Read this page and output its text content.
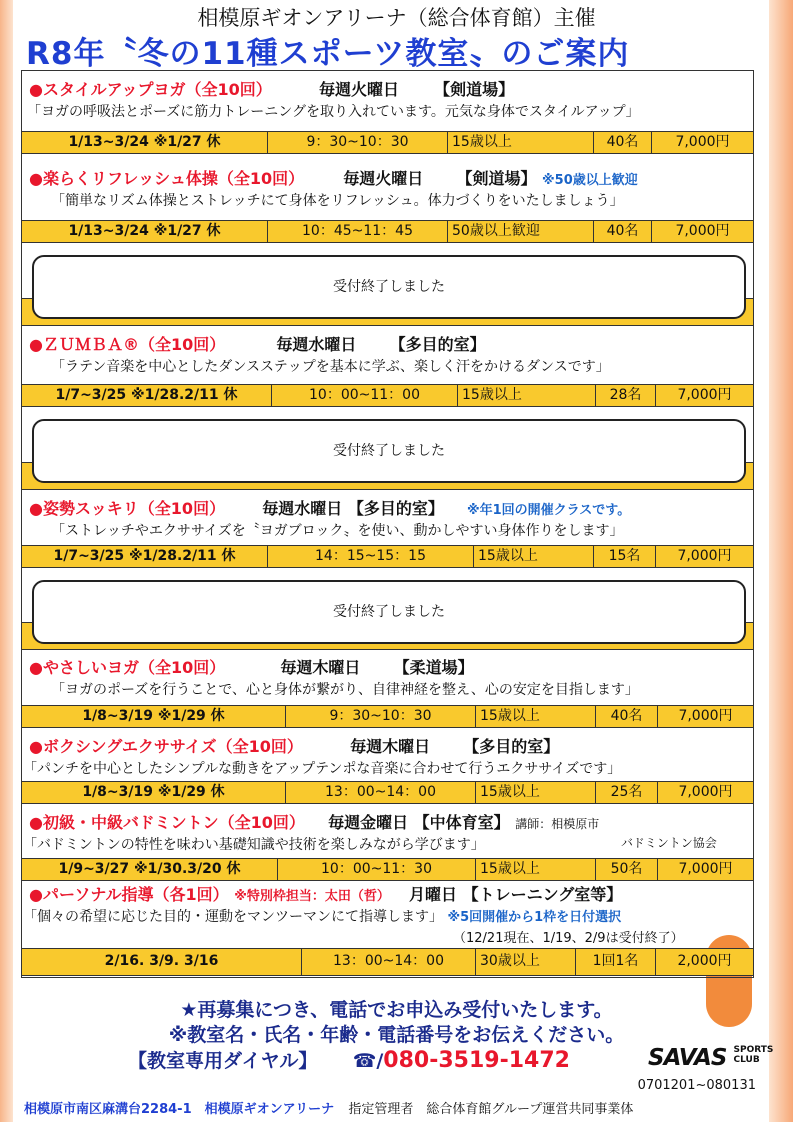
相模原ギオンアリーナ（総合体育館）主催
R8年〝冬の11種スポーツ教室〟のご案内
●スタイルアップヨガ（全10回）	毎週火曜日 【剣道場】
「ヨガの呼吸法とポーズに筋力トレーニングを取り入れています。元気な身体でスタイルアップ」
1/13~3/24 ※1/27 休	9：30~10：30	15歳以上	40名	7,000円
●楽らくリフレッシュ体操（全10回） 毎週火曜日 【剣道場】 ※50歳以上歓迎
「簡単なリズム体操とストレッチにて身体をリフレッシュ。体力づくりをいたしましょう」
1/13~3/24 ※1/27 休	10：45~11：45	50歳以上歓迎	40名	7,000円
受付終了しました
●ＺＵＭＢＡ®（全10回）	毎週水曜日 【多目的室】
「ラテン音楽を中心としたダンスステップを基本に学ぶ、楽しく汗をかけるダンスです」
1/7~3/25 ※1/28.2/11 休	10：00~11：00	15歳以上	28名	7,000円
受付終了しました
●姿勢スッキリ（全10回） 毎週水曜日 【多目的室】 ※年1回の開催クラスです。
「ストレッチやエクササイズを〝ヨガブロック〟を使い、動かしやすい身体作りをします」
1/7~3/25 ※1/28.2/11 休	14：15~15：15	15歳以上	15名	7,000円
受付終了しました
●やさしいヨガ（全10回）	毎週木曜日 【柔道場】
「ヨガのポーズを行うことで、心と身体が繋がり、自律神経を整え、心の安定を目指します」
1/8~3/19 ※1/29 休	9：30~10：30	15歳以上	40名	7,000円
●ボクシングエクササイズ（全10回）	毎週木曜日 【多目的室】
「パンチを中心としたシンプルな動きをアップテンポな音楽に合わせて行うエクササイズです」
1/8~3/19 ※1/29 休	13：00~14：00	15歳以上	25名	7,000円
●初級・中級バドミントン（全10回） 毎週金曜日 【中体育室】 講師：相模原市
「バドミントンの特性を味わい基礎知識や技術を楽しみながら学びます」	バドミントン協会
1/9~3/27 ※1/30.3/20 休	10：00~11：30	15歳以上	50名	7,000円
●パーソナル指導（各1回） ※特別枠担当：太田（哲） 月曜日 【トレーニング室等】
「個々の希望に応じた目的・運動をマンツーマンにて指導します」 ※5回開催から1枠を日付選択
（12/21現在、1/19、2/9は受付終了）
2/16. 3/9. 3/16	13：00~14：00	30歳以上	1回1名	2,000円
★再募集につき、電話でお申込み受付いたします。
※教室名・氏名・年齢・電話番号をお伝えください。
【教室専用ダイヤル】 ☎/080-3519-1472	SAVAS SPORTS
CLUB
0701201~080131
相模原市南区麻溝台2284-1　相模原ギオンアリーナ 指定管理者　総合体育館グループ運営共同事業体
